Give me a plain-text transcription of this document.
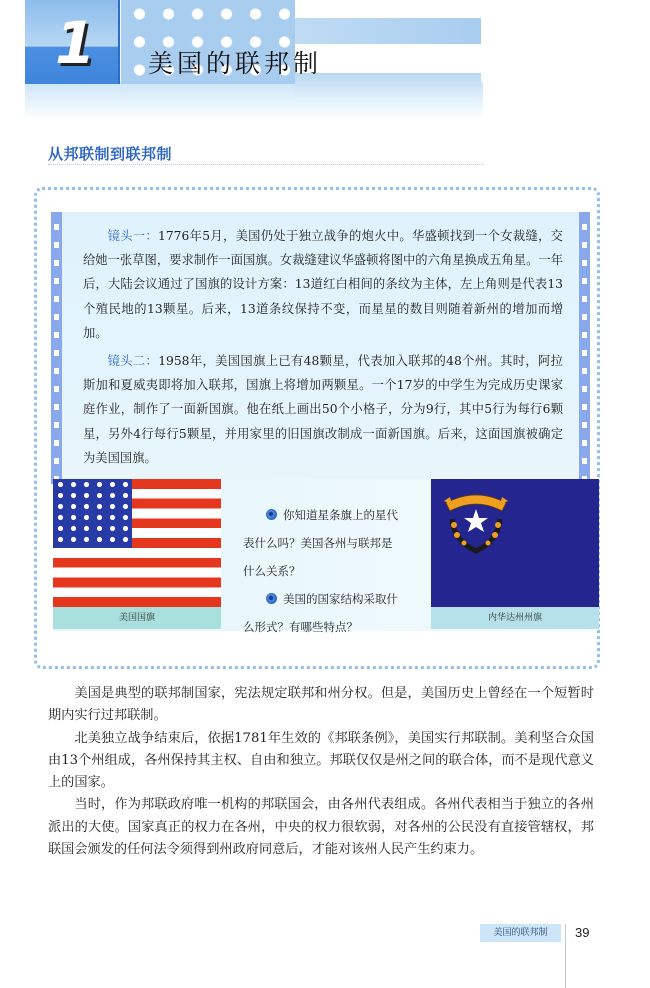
1 美国的联邦制
从邦联制到联邦制

镜头一：1776年5月，美国仍处于独立战争的炮火中。华盛顿找到一个女裁缝，交给她一张草图，要求制作一面国旗。女裁缝建议华盛顿将图中的六角星换成五角星。一年后，大陆会议通过了国旗的设计方案：13道红白相间的条纹为主体，左上角则是代表13个殖民地的13颗星。后来，13道条纹保持不变，而星星的数目则随着新州的增加而增加。

镜头二：1958年，美国国旗上已有48颗星，代表加入联邦的48个州。其时，阿拉斯加和夏威夷即将加入联邦，国旗上将增加两颗星。一个17岁的中学生为完成历史课家庭作业，制作了一面新国旗。他在纸上画出50个小格子，分为9行，其中5行为每行6颗星，另外4行每行5颗星，并用家里的旧国旗改制成一面新国旗。后来，这面国旗被确定为美国国旗。

美国国旗

你知道星条旗上的星代表什么吗？美国各州与联邦是什么关系？

美国的国家结构采取什么形式？有哪些特点？

内华达州州旗

美国是典型的联邦制国家，宪法规定联邦和州分权。但是，美国历史上曾经在一个短暂时期内实行过邦联制。

北美独立战争结束后，依据1781年生效的《邦联条例》，美国实行邦联制。美利坚合众国由13个州组成，各州保持其主权、自由和独立。邦联仅仅是州之间的联合体，而不是现代意义上的国家。

当时，作为邦联政府唯一机构的邦联国会，由各州代表组成。各州代表相当于独立的各州派出的大使。国家真正的权力在各州，中央的权力很软弱，对各州的公民没有直接管辖权，邦联国会颁发的任何法令须得到州政府同意后，才能对该州人民产生约束力。

美国的联邦制	39
